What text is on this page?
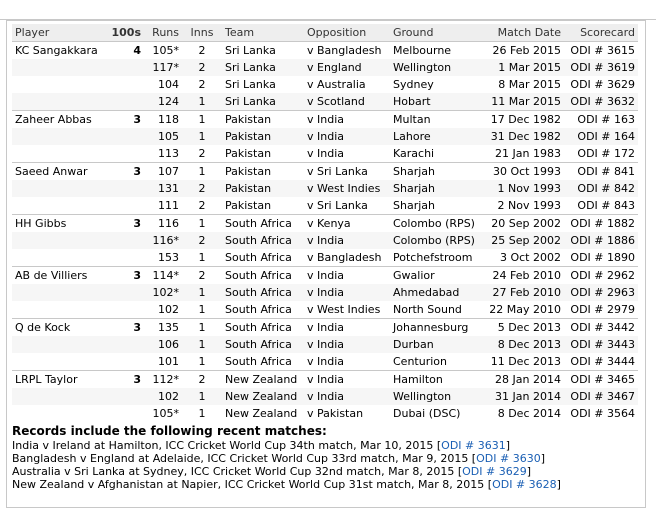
Player	100s	Runs	Inns	Team	Opposition	Ground	Match Date	Scorecard
KC Sangakkara	4	105*	2	Sri Lanka	v Bangladesh	Melbourne	26 Feb 2015	ODI # 3615
		117*	2	Sri Lanka	v England	Wellington	1 Mar 2015	ODI # 3619
		104	2	Sri Lanka	v Australia	Sydney	8 Mar 2015	ODI # 3629
		124	1	Sri Lanka	v Scotland	Hobart	11 Mar 2015	ODI # 3632
Zaheer Abbas	3	118	1	Pakistan	v India	Multan	17 Dec 1982	ODI # 163
		105	1	Pakistan	v India	Lahore	31 Dec 1982	ODI # 164
		113	2	Pakistan	v India	Karachi	21 Jan 1983	ODI # 172
Saeed Anwar	3	107	1	Pakistan	v Sri Lanka	Sharjah	30 Oct 1993	ODI # 841
		131	2	Pakistan	v West Indies	Sharjah	1 Nov 1993	ODI # 842
		111	2	Pakistan	v Sri Lanka	Sharjah	2 Nov 1993	ODI # 843
HH Gibbs	3	116	1	South Africa	v Kenya	Colombo (RPS)	20 Sep 2002	ODI # 1882
		116*	2	South Africa	v India	Colombo (RPS)	25 Sep 2002	ODI # 1886
		153	1	South Africa	v Bangladesh	Potchefstroom	3 Oct 2002	ODI # 1890
AB de Villiers	3	114*	2	South Africa	v India	Gwalior	24 Feb 2010	ODI # 2962
		102*	1	South Africa	v India	Ahmedabad	27 Feb 2010	ODI # 2963
		102	1	South Africa	v West Indies	North Sound	22 May 2010	ODI # 2979
Q de Kock	3	135	1	South Africa	v India	Johannesburg	5 Dec 2013	ODI # 3442
		106	1	South Africa	v India	Durban	8 Dec 2013	ODI # 3443
		101	1	South Africa	v India	Centurion	11 Dec 2013	ODI # 3444
LRPL Taylor	3	112*	2	New Zealand	v India	Hamilton	28 Jan 2014	ODI # 3465
		102	1	New Zealand	v India	Wellington	31 Jan 2014	ODI # 3467
		105*	1	New Zealand	v Pakistan	Dubai (DSC)	8 Dec 2014	ODI # 3564
Records include the following recent matches:
India v Ireland at Hamilton, ICC Cricket World Cup 34th match, Mar 10, 2015 [ODI # 3631]
Bangladesh v England at Adelaide, ICC Cricket World Cup 33rd match, Mar 9, 2015 [ODI # 3630]
Australia v Sri Lanka at Sydney, ICC Cricket World Cup 32nd match, Mar 8, 2015 [ODI # 3629]
New Zealand v Afghanistan at Napier, ICC Cricket World Cup 31st match, Mar 8, 2015 [ODI # 3628]
